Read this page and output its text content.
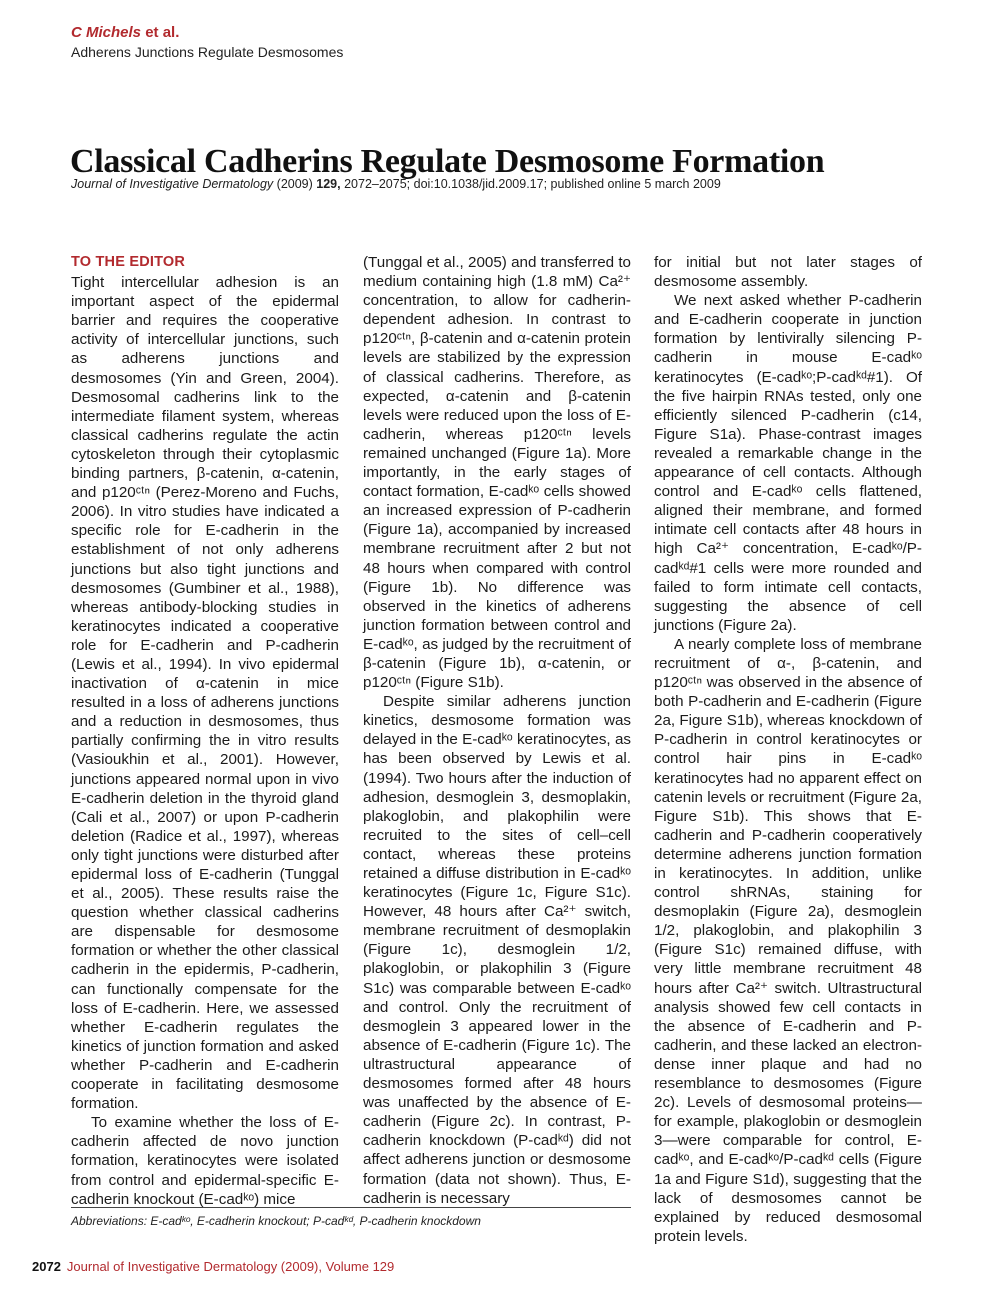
C Michels et al.
Adherens Junctions Regulate Desmosomes
Classical Cadherins Regulate Desmosome Formation
Journal of Investigative Dermatology (2009) 129, 2072–2075; doi:10.1038/jid.2009.17; published online 5 march 2009
TO THE EDITOR

Tight intercellular adhesion is an important aspect of the epidermal barrier and requires the cooperative activity of intercellular junctions, such as adherens junctions and desmosomes (Yin and Green, 2004). Desmosomal cadherins link to the intermediate filament system, whereas classical cadherins regulate the actin cytoskeleton through their cytoplasmic binding partners, β-catenin, α-catenin, and p120ᶜᵗⁿ (Perez-Moreno and Fuchs, 2006). In vitro studies have indicated a specific role for E-cadherin in the establishment of not only adherens junctions but also tight junctions and desmosomes (Gumbiner et al., 1988), whereas antibody-blocking studies in keratinocytes indicated a cooperative role for E-cadherin and P-cadherin (Lewis et al., 1994). In vivo epidermal inactivation of α-catenin in mice resulted in a loss of adherens junctions and a reduction in desmosomes, thus partially confirming the in vitro results (Vasioukhin et al., 2001). However, junctions appeared normal upon in vivo E-cadherin deletion in the thyroid gland (Cali et al., 2007) or upon P-cadherin deletion (Radice et al., 1997), whereas only tight junctions were disturbed after epidermal loss of E-cadherin (Tunggal et al., 2005). These results raise the question whether classical cadherins are dispensable for desmosome formation or whether the other classical cadherin in the epidermis, P-cadherin, can functionally compensate for the loss of E-cadherin. Here, we assessed whether E-cadherin regulates the kinetics of junction formation and asked whether P-cadherin and E-cadherin cooperate in facilitating desmosome formation.

To examine whether the loss of E-cadherin affected de novo junction formation, keratinocytes were isolated from control and epidermal-specific E-cadherin knockout (E-cadᵏᵒ) mice

(Tunggal et al., 2005) and transferred to medium containing high (1.8 mM) Ca²⁺ concentration, to allow for cadherin-dependent adhesion. In contrast to p120ᶜᵗⁿ, β-catenin and α-catenin protein levels are stabilized by the expression of classical cadherins. Therefore, as expected, α-catenin and β-catenin levels were reduced upon the loss of E-cadherin, whereas p120ᶜᵗⁿ levels remained unchanged (Figure 1a). More importantly, in the early stages of contact formation, E-cadᵏᵒ cells showed an increased expression of P-cadherin (Figure 1a), accompanied by increased membrane recruitment after 2 but not 48 hours when compared with control (Figure 1b). No difference was observed in the kinetics of adherens junction formation between control and E-cadᵏᵒ, as judged by the recruitment of β-catenin (Figure 1b), α-catenin, or p120ᶜᵗⁿ (Figure S1b).

Despite similar adherens junction kinetics, desmosome formation was delayed in the E-cadᵏᵒ keratinocytes, as has been observed by Lewis et al. (1994). Two hours after the induction of adhesion, desmoglein 3, desmoplakin, plakoglobin, and plakophilin were recruited to the sites of cell–cell contact, whereas these proteins retained a diffuse distribution in E-cadᵏᵒ keratinocytes (Figure 1c, Figure S1c). However, 48 hours after Ca²⁺ switch, membrane recruitment of desmoplakin (Figure 1c), desmoglein 1/2, plakoglobin, or plakophilin 3 (Figure S1c) was comparable between E-cadᵏᵒ and control. Only the recruitment of desmoglein 3 appeared lower in the absence of E-cadherin (Figure 1c). The ultrastructural appearance of desmosomes formed after 48 hours was unaffected by the absence of E-cadherin (Figure 2c). In contrast, P-cadherin knockdown (P-cadᵏᵈ) did not affect adherens junction or desmosome formation (data not shown). Thus, E-cadherin is necessary

for initial but not later stages of desmosome assembly.

We next asked whether P-cadherin and E-cadherin cooperate in junction formation by lentivirally silencing P-cadherin in mouse E-cadᵏᵒ keratinocytes (E-cadᵏᵒ;P-cadᵏᵈ#1). Of the five hairpin RNAs tested, only one efficiently silenced P-cadherin (c14, Figure S1a). Phase-contrast images revealed a remarkable change in the appearance of cell contacts. Although control and E-cadᵏᵒ cells flattened, aligned their membrane, and formed intimate cell contacts after 48 hours in high Ca²⁺ concentration, E-cadᵏᵒ/P-cadᵏᵈ#1 cells were more rounded and failed to form intimate cell contacts, suggesting the absence of cell junctions (Figure 2a).

A nearly complete loss of membrane recruitment of α-, β-catenin, and p120ᶜᵗⁿ was observed in the absence of both P-cadherin and E-cadherin (Figure 2a, Figure S1b), whereas knockdown of P-cadherin in control keratinocytes or control hair pins in E-cadᵏᵒ keratinocytes had no apparent effect on catenin levels or recruitment (Figure 2a, Figure S1b). This shows that E-cadherin and P-cadherin cooperatively determine adherens junction formation in keratinocytes. In addition, unlike control shRNAs, staining for desmoplakin (Figure 2a), desmoglein 1/2, plakoglobin, and plakophilin 3 (Figure S1c) remained diffuse, with very little membrane recruitment 48 hours after Ca²⁺ switch. Ultrastructural analysis showed few cell contacts in the absence of E-cadherin and P-cadherin, and these lacked an electron-dense inner plaque and had no resemblance to desmosomes (Figure 2c). Levels of desmosomal proteins—for example, plakoglobin or desmoglein 3—were comparable for control, E-cadᵏᵒ, and E-cadᵏᵒ/P-cadᵏᵈ cells (Figure 1a and Figure S1d), suggesting that the lack of desmosomes cannot be explained by reduced desmosomal protein levels.

Abbreviations: E-cadᵏᵒ, E-cadherin knockout; P-cadᵏᵈ, P-cadherin knockdown
2072 Journal of Investigative Dermatology (2009), Volume 129
